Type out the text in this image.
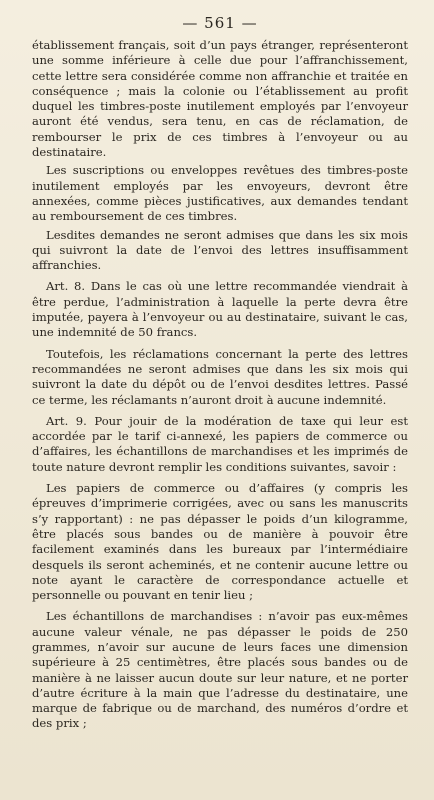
— 561 —

établissement français, soit d’un pays étranger, représenteront une somme inférieure à celle due pour l’affranchissement, cette lettre sera considérée comme non affranchie et traitée en conséquence ; mais la colonie ou l’établissement au profit duquel les timbres-poste inutilement employés par l’envoyeur auront été vendus, sera tenu, en cas de réclamation, de rembourser le prix de ces timbres à l’envoyeur ou au destinataire.

Les suscriptions ou enveloppes revêtues des timbres-poste inutilement employés par les envoyeurs, devront être annexées, comme pièces justificatives, aux demandes tendant au remboursement de ces timbres.

Lesdites demandes ne seront admises que dans les six mois qui suivront la date de l’envoi des lettres insuffisamment affranchies.

Art. 8. Dans le cas où une lettre recommandée viendrait à être perdue, l’administration à laquelle la perte devra être imputée, payera à l’envoyeur ou au destinataire, suivant le cas, une indemnité de 50 francs.

Toutefois, les réclamations concernant la perte des lettres recommandées ne seront admises que dans les six mois qui suivront la date du dépôt ou de l’envoi desdites lettres. Passé ce terme, les réclamants n’auront droit à aucune indemnité.

Art. 9. Pour jouir de la modération de taxe qui leur est accordée par le tarif ci-annexé, les papiers de commerce ou d’affaires, les échantillons de marchandises et les imprimés de toute nature devront remplir les conditions suivantes, savoir :

Les papiers de commerce ou d’affaires (y compris les épreuves d’imprimerie corrigées, avec ou sans les manuscrits s’y rapportant) : ne pas dépasser le poids d’un kilogramme, être placés sous bandes ou de manière à pouvoir être facilement examinés dans les bureaux par l’intermédiaire desquels ils seront acheminés, et ne contenir aucune lettre ou note ayant le caractère de correspondance actuelle et personnelle ou pouvant en tenir lieu ;

Les échantillons de marchandises : n’avoir pas eux-mêmes aucune valeur vénale, ne pas dépasser le poids de 250 grammes, n’avoir sur aucune de leurs faces une dimension supérieure à 25 centimètres, être placés sous bandes ou de manière à ne laisser aucun doute sur leur nature, et ne porter d’autre écriture à la main que l’adresse du destinataire, une marque de fabrique ou de marchand, des numéros d’ordre et des prix ;
